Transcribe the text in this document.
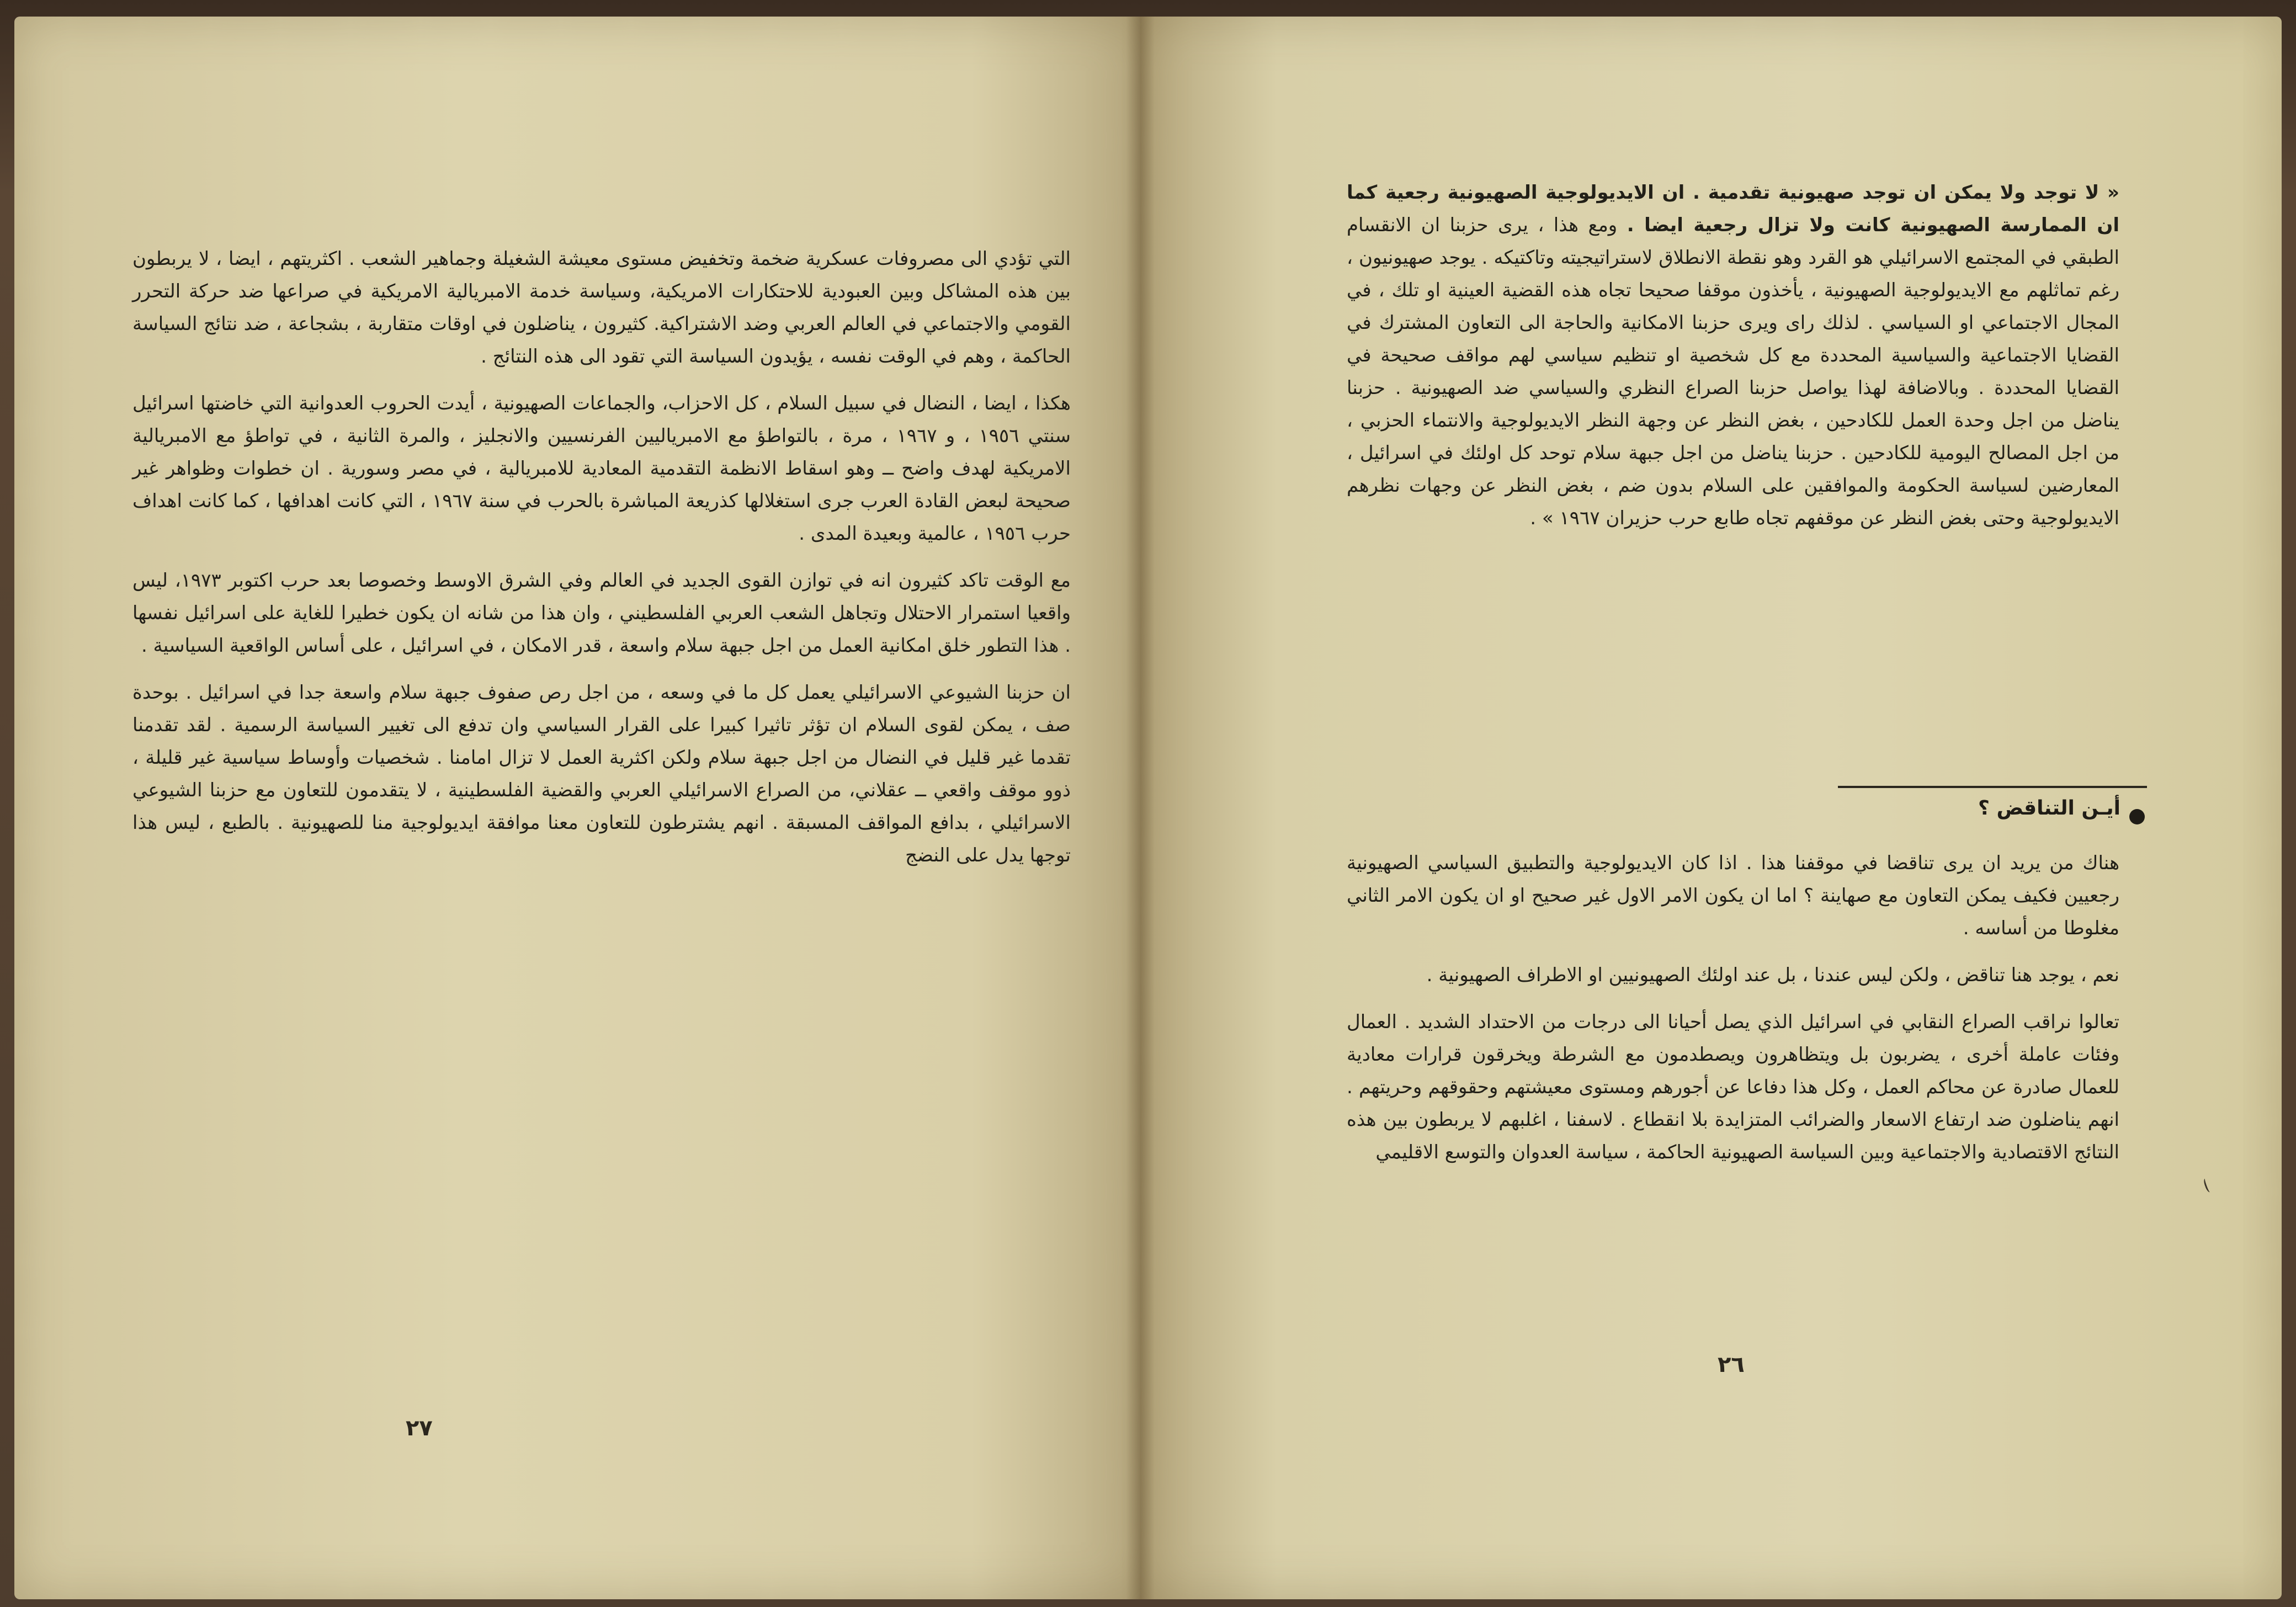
التي تؤدي الى مصروفات عسكرية ضخمة وتخفيض مستوى معيشة الشغيلة وجماهير الشعب . اكثريتهم ، ايضا ، لا يربطون بين هذه المشاكل وبين العبودية للاحتكارات الامريكية، وسياسة خدمة الامبريالية الامريكية في صراعها ضد حركة التحرر القومي والاجتماعي في العالم العربي وضد الاشتراكية. كثيرون ، يناضلون في اوقات متقاربة ، بشجاعة ، ضد نتائج السياسة الحاكمة ، وهم في الوقت نفسه ، يؤيدون السياسة التي تقود الى هذه النتائج .

هكذا ، ايضا ، النضال في سبيل السلام ، كل الاحزاب، والجماعات الصهيونية ، أيدت الحروب العدوانية التي خاضتها اسرائيل سنتي ١٩٥٦ ، و ١٩٦٧ ، مرة ، بالتواطؤ مع الامبرياليين الفرنسيين والانجليز ، والمرة الثانية ، في تواطؤ مع الامبريالية الامريكية لهدف واضح ــ وهو اسقاط الانظمة التقدمية المعادية للامبريالية ، في مصر وسورية . ان خطوات وظواهر غير صحيحة لبعض القادة العرب جرى استغلالها كذريعة المباشرة بالحرب في سنة ١٩٦٧ ، التي كانت اهدافها ، كما كانت اهداف حرب ١٩٥٦ ، عالمية وبعيدة المدى .

مع الوقت تاكد كثيرون انه في توازن القوى الجديد في العالم وفي الشرق الاوسط وخصوصا بعد حرب اكتوبر ١٩٧٣، ليس واقعيا استمرار الاحتلال وتجاهل الشعب العربي الفلسطيني ، وان هذا من شانه ان يكون خطيرا للغاية على اسرائيل نفسها . هذا التطور خلق امكانية العمل من اجل جبهة سلام واسعة ، قدر الامكان ، في اسرائيل ، على أساس الواقعية السياسية .

ان حزبنا الشيوعي الاسرائيلي يعمل كل ما في وسعه ، من اجل رص صفوف جبهة سلام واسعة جدا في اسرائيل . بوحدة صف ، يمكن لقوى السلام ان تؤثر تاثيرا كبيرا على القرار السياسي وان تدفع الى تغيير السياسة الرسمية . لقد تقدمنا تقدما غير قليل في النضال من اجل جبهة سلام ولكن اكثرية العمل لا تزال امامنا . شخصيات وأوساط سياسية غير قليلة ، ذوو موقف واقعي ــ عقلاني، من الصراع الاسرائيلي العربي والقضية الفلسطينية ، لا يتقدمون للتعاون مع حزبنا الشيوعي الاسرائيلي ، بدافع المواقف المسبقة . انهم يشترطون للتعاون معنا موافقة ايديولوجية منا للصهيونية . بالطبع ، ليس هذا توجها يدل على النضج

٢٧

« لا توجد ولا يمكن ان توجد صهيونية تقدمية . ان الايديولوجية الصهيونية رجعية كما ان الممارسة الصهيونية كانت ولا تزال رجعية ايضا . ومع هذا ، يرى حزبنا ان الانقسام الطبقي في المجتمع الاسرائيلي هو القرد وهو نقطة الانطلاق لاستراتيجيته وتاكتيكه . يوجد صهيونيون ، رغم تماثلهم مع الايديولوجية الصهيونية ، يأخذون موقفا صحيحا تجاه هذه القضية العينية او تلك ، في المجال الاجتماعي او السياسي . لذلك راى ويرى حزبنا الامكانية والحاجة الى التعاون المشترك في القضايا الاجتماعية والسياسية المحددة مع كل شخصية او تنظيم سياسي لهم مواقف صحيحة في القضايا المحددة . وبالاضافة لهذا يواصل حزبنا الصراع النظري والسياسي ضد الصهيونية . حزبنا يناضل من اجل وحدة العمل للكادحين ، بغض النظر عن وجهة النظر الايديولوجية والانتماء الحزبي ، من اجل المصالح اليومية للكادحين . حزبنا يناضل من اجل جبهة سلام توحد كل اولئك في اسرائيل ، المعارضين لسياسة الحكومة والموافقين على السلام بدون ضم ، بغض النظر عن وجهات نظرهم الايديولوجية وحتى بغض النظر عن موقفهم تجاه طابع حرب حزيران ١٩٦٧ » .

أيـن التناقض ؟

هناك من يريد ان يرى تناقضا في موقفنا هذا . اذا كان الايديولوجية والتطبيق السياسي الصهيونية رجعيين فكيف يمكن التعاون مع صهاينة ؟ اما ان يكون الامر الاول غير صحيح او ان يكون الامر الثاني مغلوطا من أساسه .

نعم ، يوجد هنا تناقض ، ولكن ليس عندنا ، بل عند اولئك الصهيونيين او الاطراف الصهيونية .

تعالوا نراقب الصراع النقابي في اسرائيل الذي يصل أحيانا الى درجات من الاحتداد الشديد . العمال وفئات عاملة أخرى ، يضربون بل ويتظاهرون ويصطدمون مع الشرطة ويخرقون قرارات معادية للعمال صادرة عن محاكم العمل ، وكل هذا دفاعا عن أجورهم ومستوى معيشتهم وحقوقهم وحريتهم . انهم يناضلون ضد ارتفاع الاسعار والضرائب المتزايدة بلا انقطاع . لاسفنا ، اغلبهم لا يربطون بين هذه النتائج الاقتصادية والاجتماعية وبين السياسة الصهيونية الحاكمة ، سياسة العدوان والتوسع الاقليمي

٢٦
